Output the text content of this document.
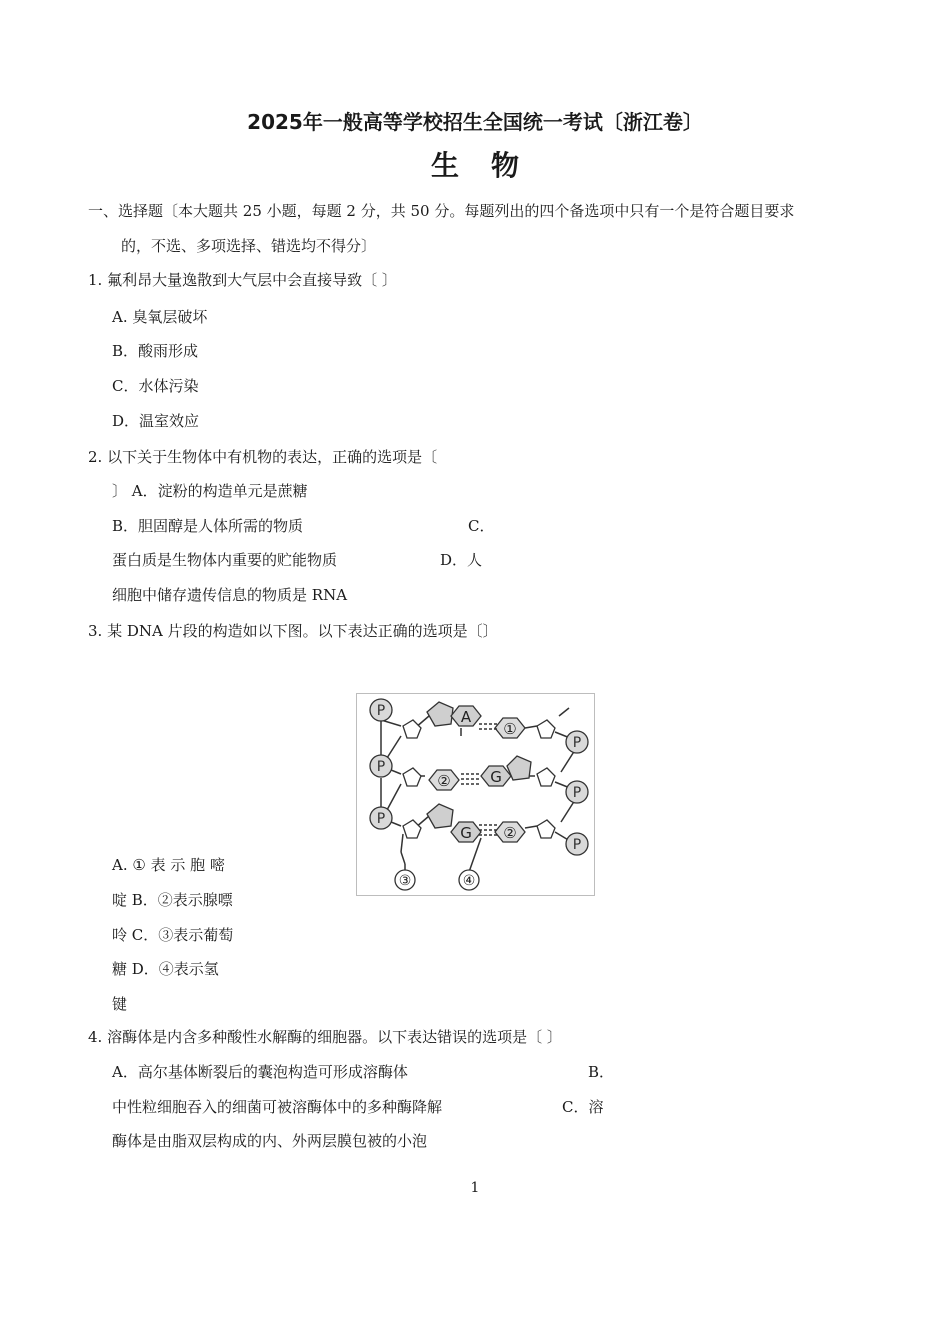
2025年一般高等学校招生全国统一考试〔浙江卷〕
生物
一、选择题〔本大题共 25 小题，每题 2 分，共 50 分。每题列出的四个备选项中只有一个是符合题目要求
的，不选、多项选择、错选均不得分〕
1. 氟利昂大量逸散到大气层中会直接导致〔 〕
A. 臭氧层破坏
B．酸雨形成
C．水体污染
D．温室效应
2. 以下关于生物体中有机物的表达，正确的选项是〔
〕 A．淀粉的构造单元是蔗糖
B．胆固醇是人体所需的物质	C．
蛋白质是生物体内重要的贮能物质	D．人
细胞中储存遗传信息的物质是 RNA
3. 某 DNA 片段的构造如以下图。以下表达正确的选项是〔〕
P
P
P
P
P
P
A
G
G
①
②
②
③	④
A. ① 表 示 胞 嘧
啶 B．②表示腺嘌
呤 C．③表示葡萄
糖 D．④表示氢
键
4. 溶酶体是内含多种酸性水解酶的细胞器。以下表达错误的选项是〔 〕
A．高尔基体断裂后的囊泡构造可形成溶酶体	B．
中性粒细胞吞入的细菌可被溶酶体中的多种酶降解	C．溶
酶体是由脂双层构成的内、外两层膜包被的小泡
1
